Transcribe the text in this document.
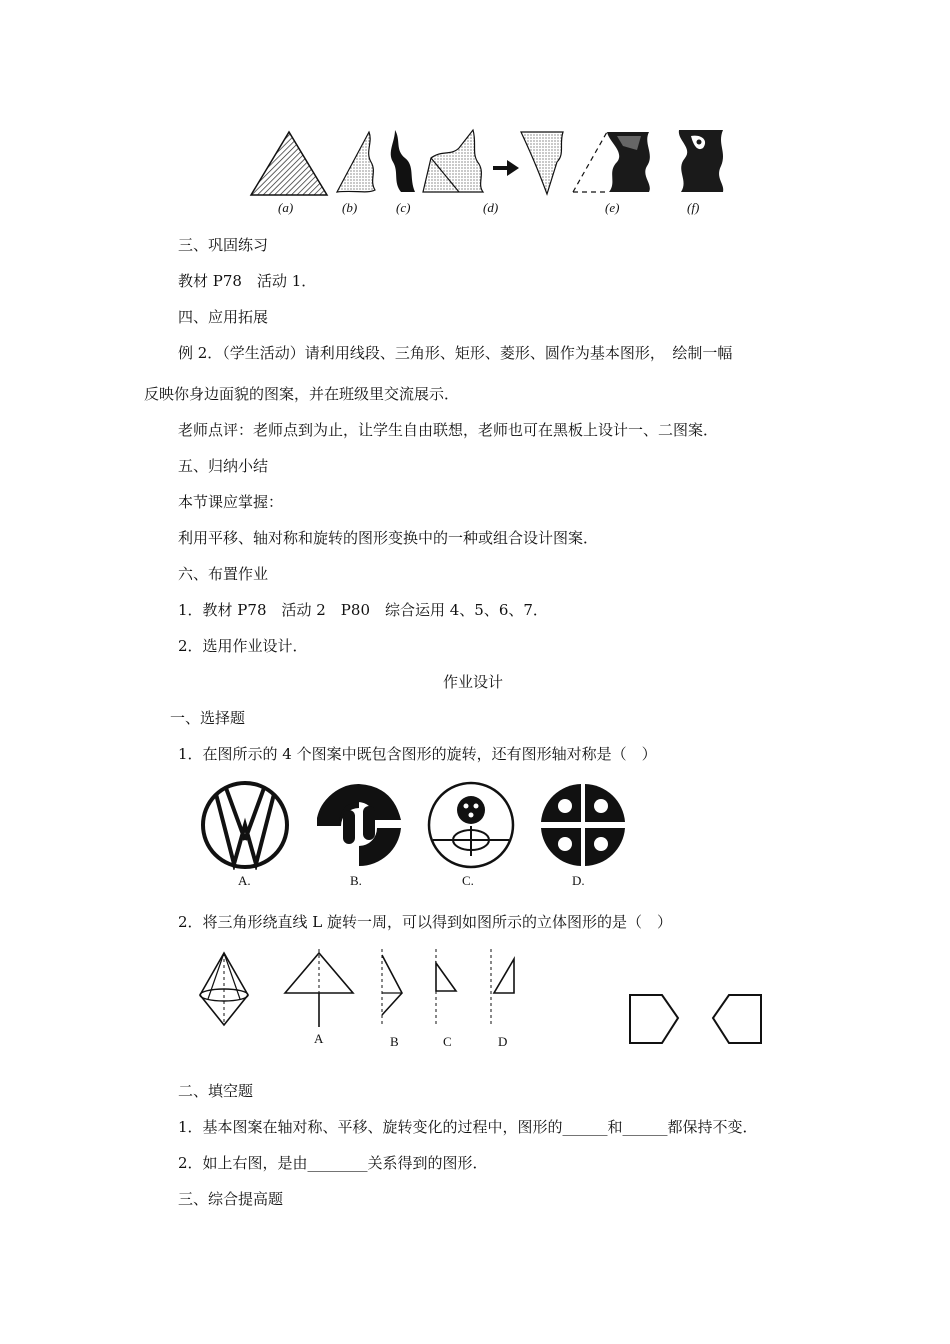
(a)	(b)	(c)	(d)	(e)	(f)
三、巩固练习
教材 P78　活动 1．
四、应用拓展
例 2．（学生活动）请利用线段、三角形、矩形、菱形、圆作为基本图形，　绘制一幅
反映你身边面貌的图案，并在班级里交流展示．
老师点评：老师点到为止，让学生自由联想，老师也可在黑板上设计一、二图案．
五、归纳小结
本节课应掌握：
利用平移、轴对称和旋转的图形变换中的一种或组合设计图案．
六、布置作业
1．教材 P78　活动 2　P80　综合运用 4、5、6、7．
2．选用作业设计．
作业设计
一、选择题
1．在图所示的 4 个图案中既包含图形的旋转，还有图形轴对称是（　）
A.	B.	C.	D.
2．将三角形绕直线 L 旋转一周，可以得到如图所示的立体图形的是（　）
A	B	C	D
二、填空题
1．基本图案在轴对称、平移、旋转变化的过程中，图形的______和______都保持不变．
2．如上右图，是由________关系得到的图形．
三、综合提高题
